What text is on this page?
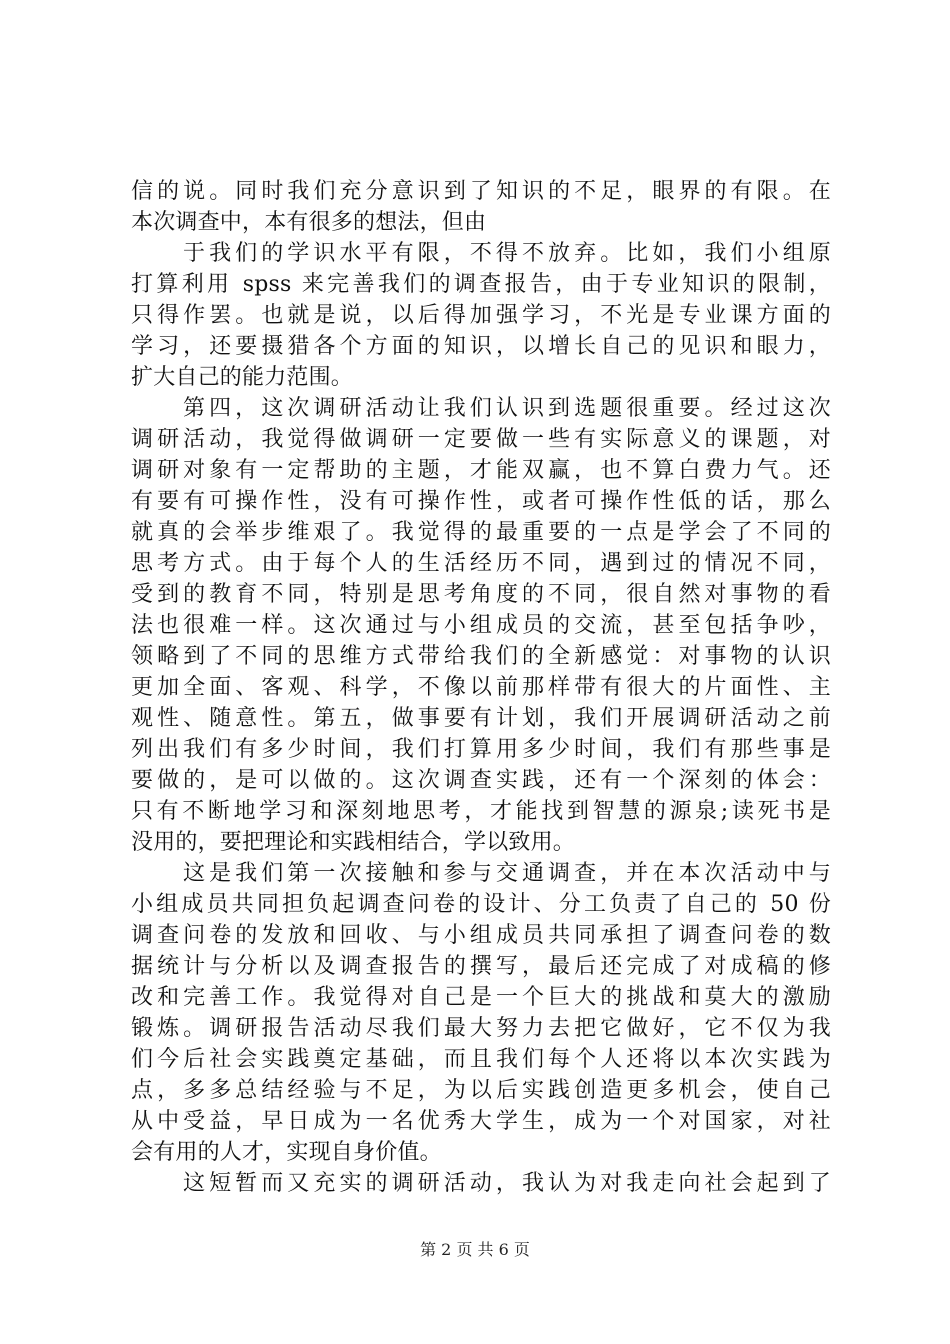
信的说。同时我们充分意识到了知识的不足，眼界的有限。在
本次调查中，本有很多的想法，但由
于我们的学识水平有限，不得不放弃。比如，我们小组原
打算利用 spss 来完善我们的调查报告，由于专业知识的限制，
只得作罢。也就是说，以后得加强学习，不光是专业课方面的
学习，还要摄猎各个方面的知识，以增长自己的见识和眼力，
扩大自己的能力范围。
第四，这次调研活动让我们认识到选题很重要。经过这次
调研活动，我觉得做调研一定要做一些有实际意义的课题，对
调研对象有一定帮助的主题，才能双赢，也不算白费力气。还
有要有可操作性，没有可操作性，或者可操作性低的话，那么
就真的会举步维艰了。我觉得的最重要的一点是学会了不同的
思考方式。由于每个人的生活经历不同，遇到过的情况不同，
受到的教育不同，特别是思考角度的不同，很自然对事物的看
法也很难一样。这次通过与小组成员的交流，甚至包括争吵，
领略到了不同的思维方式带给我们的全新感觉：对事物的认识
更加全面、客观、科学，不像以前那样带有很大的片面性、主
观性、随意性。第五，做事要有计划，我们开展调研活动之前
列出我们有多少时间，我们打算用多少时间，我们有那些事是
要做的，是可以做的。这次调查实践，还有一个深刻的体会：
只有不断地学习和深刻地思考，才能找到智慧的源泉;读死书是
没用的，要把理论和实践相结合，学以致用。
这是我们第一次接触和参与交通调查，并在本次活动中与
小组成员共同担负起调查问卷的设计、分工负责了自己的 50 份
调查问卷的发放和回收、与小组成员共同承担了调查问卷的数
据统计与分析以及调查报告的撰写，最后还完成了对成稿的修
改和完善工作。我觉得对自己是一个巨大的挑战和莫大的激励
锻炼。调研报告活动尽我们最大努力去把它做好，它不仅为我
们今后社会实践奠定基础，而且我们每个人还将以本次实践为
点，多多总结经验与不足，为以后实践创造更多机会，使自己
从中受益，早日成为一名优秀大学生，成为一个对国家，对社
会有用的人才，实现自身价值。
这短暂而又充实的调研活动，我认为对我走向社会起到了
第 2 页 共 6 页
